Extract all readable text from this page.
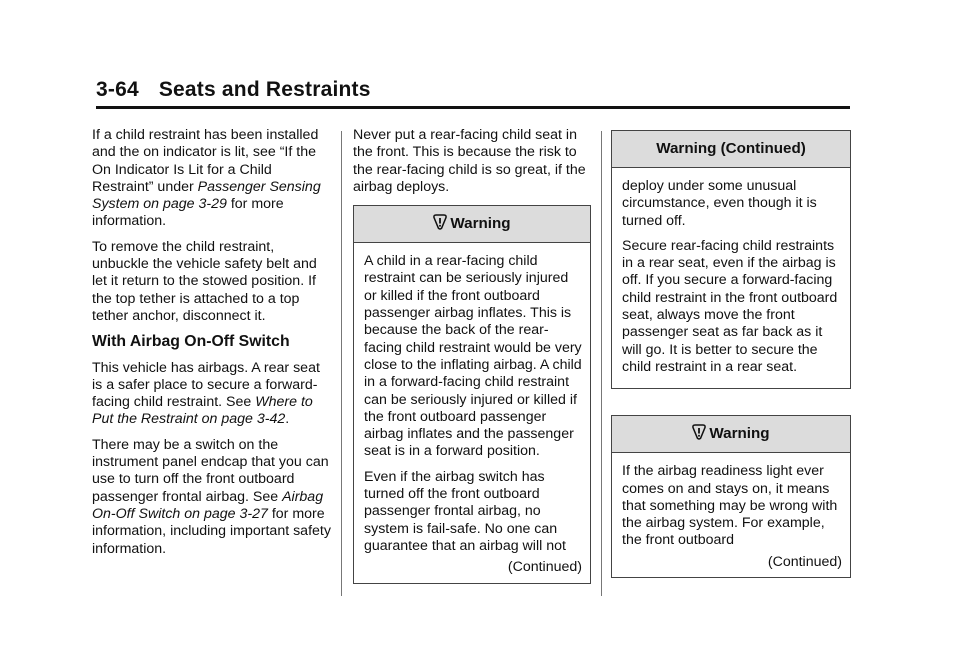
3-64 Seats and Restraints

If a child restraint has been installed and the on indicator is lit, see “If the On Indicator Is Lit for a Child Restraint” under Passenger Sensing System on page 3-29 for more information.

To remove the child restraint, unbuckle the vehicle safety belt and let it return to the stowed position. If the top tether is attached to a top tether anchor, disconnect it.

With Airbag On-Off Switch

This vehicle has airbags. A rear seat is a safer place to secure a forward-facing child restraint. See Where to Put the Restraint on page 3-42.

There may be a switch on the instrument panel endcap that you can use to turn off the front outboard passenger frontal airbag. See Airbag On-Off Switch on page 3-27 for more information, including important safety information.

Never put a rear-facing child seat in the front. This is because the risk to the rear-facing child is so great, if the airbag deploys.

Warning

A child in a rear-facing child restraint can be seriously injured or killed if the front outboard passenger airbag inflates. This is because the back of the rear-facing child restraint would be very close to the inflating airbag. A child in a forward-facing child restraint can be seriously injured or killed if the front outboard passenger airbag inflates and the passenger seat is in a forward position.

Even if the airbag switch has turned off the front outboard passenger frontal airbag, no system is fail-safe. No one can guarantee that an airbag will not

(Continued)
Warning (Continued)

deploy under some unusual circumstance, even though it is turned off.

Secure rear-facing child restraints in a rear seat, even if the airbag is off. If you secure a forward-facing child restraint in the front outboard seat, always move the front passenger seat as far back as it will go. It is better to secure the child restraint in a rear seat.

Warning

If the airbag readiness light ever comes on and stays on, it means that something may be wrong with the airbag system. For example, the front outboard

(Continued)
